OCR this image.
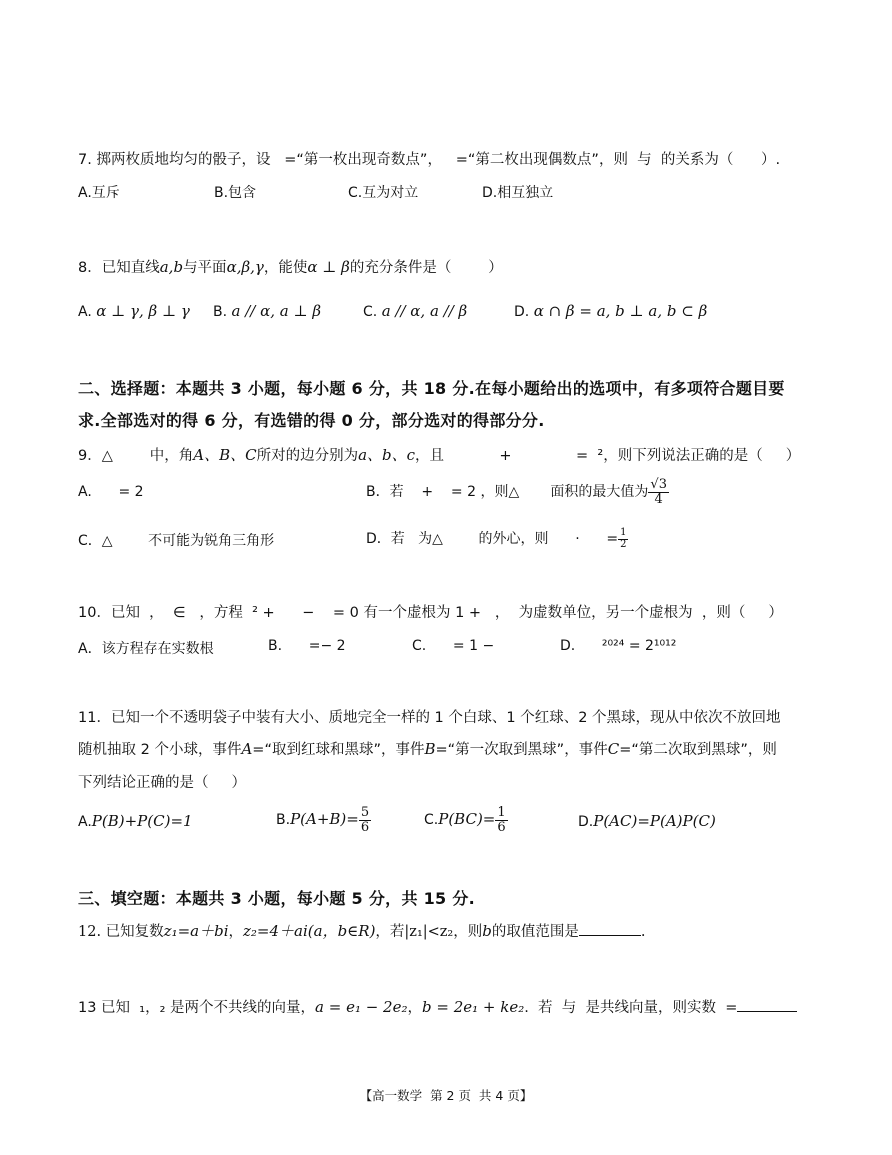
7. 掷两枚质地均匀的骰子，设   =“第一枚出现奇数点”，   =“第二枚出现偶数点”，则  与  的关系为（      ）.
A.互斥	B.包含	C.互为对立	D.相互独立
8．已知直线a,b与平面α,β,γ，能使α ⊥ β的充分条件是（        ）
A. α ⊥ γ, β ⊥ γ B. a // α, a ⊥ β	C. a // α, a // β	D. α ∩ β = a, b ⊥ a, b ⊂ β
二、选择题：本题共 3 小题，每小题 6 分，共 18 分.在每小题给出的选项中，有多项符合题目要
求.全部选对的得 6 分，有选错的得 0 分，部分选对的得部分分.
9．△        中，角A、B、C所对的边分别为a、b、c，且            +              =  ²，则下列说法正确的是（     ）
A.      = 2	B．若    +    = 2 ，则△       面积的最大值为 $\frac{√3}{4}$
C．△        不可能为锐角三角形	D．若   为△        的外心，则      ·      = $\frac{1}{2}$
10．已知  ，  ∈   ，方程  ² +      −    = 0 有一个虚根为 1 +   ，  为虚数单位，另一个虚根为  ，则（     ）
A．该方程存在实数根	B.      =− 2	C.      = 1 −	D.      ²⁰²⁴ = 2¹⁰¹²
11．已知一个不透明袋子中装有大小、质地完全一样的 1 个白球、1 个红球、2 个黑球，现从中依次不放回地
随机抽取 2 个小球，事件A=“取到红球和黑球”，事件B=“第一次取到黑球”，事件C=“第二次取到黑球”，则
下列结论正确的是（     ）
A.P(B)+P(C)=1	$B.P(A+B)= \frac{5}{6}$	$C.P(BC)= \frac{1}{6}$	D.P(AC)=P(A)P(C)
三、填空题：本题共 3 小题，每小题 5 分，共 15 分.
12. 已知复数z₁=a＋bi，z₂=4＋ai(a，b∈R)，若|z₁|<z₂，则b的取值范围是	.
13 已知  ₁，₂ 是两个不共线的向量，a = e₁ − 2e₂，b = 2e₁ + ke₂.  若  与  是共线向量，则实数  =
【高一数学  第 2 页  共 4 页】
